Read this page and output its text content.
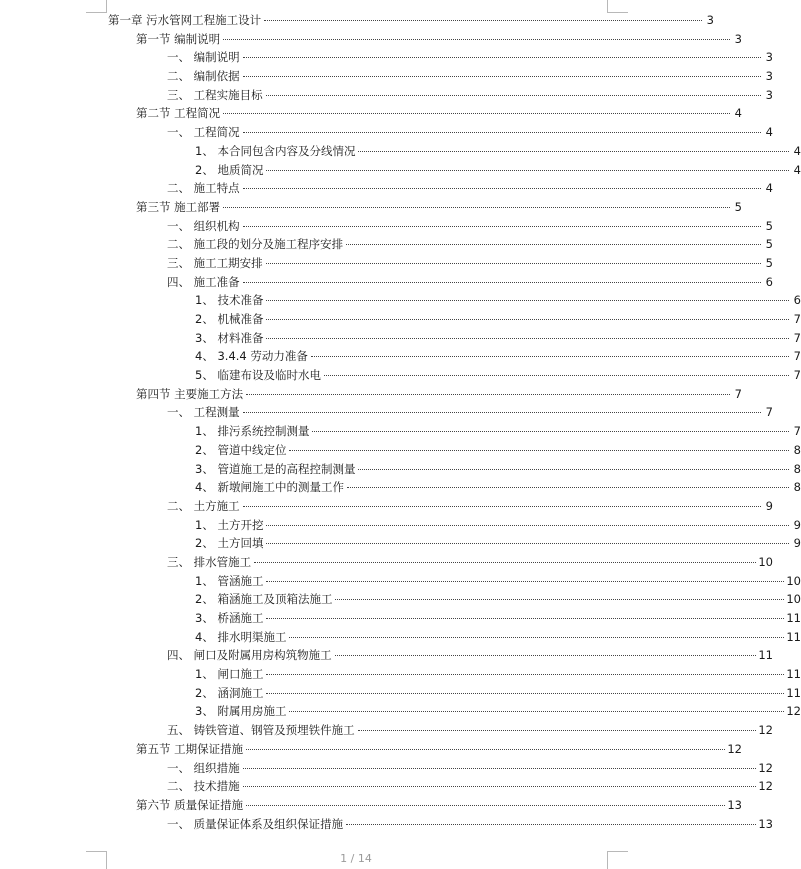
第一章 污水管网工程施工设计	3
第一节 编制说明	3
一、 编制说明	3
二、 编制依据	3
三、 工程实施目标	3
第二节 工程简况	4
一、 工程简况	4
1、 本合同包含内容及分线情况	4
2、 地质简况	4
二、 施工特点	4
第三节 施工部署	5
一、 组织机构	5
二、 施工段的划分及施工程序安排	5
三、 施工工期安排	5
四、 施工准备	6
1、 技术准备	6
2、 机械准备	7
3、 材料准备	7
4、 3.4.4 劳动力准备	7
5、 临建布设及临时水电	7
第四节 主要施工方法	7
一、 工程测量	7
1、 排污系统控制测量	7
2、 管道中线定位	8
3、 管道施工是的高程控制测量	8
4、 新墩闸施工中的测量工作	8
二、 土方施工	9
1、 土方开挖	9
2、 土方回填	9
三、 排水管施工	10
1、 管涵施工	10
2、 箱涵施工及顶箱法施工	10
3、 桥涵施工	11
4、 排水明渠施工	11
四、 闸口及附属用房构筑物施工	11
1、 闸口施工	11
2、 涵洞施工	11
3、 附属用房施工	12
五、 铸铁管道、钢管及预埋铁件施工	12
第五节 工期保证措施	12
一、 组织措施	12
二、 技术措施	12
第六节 质量保证措施	13
一、 质量保证体系及组织保证措施	13
1 / 14
